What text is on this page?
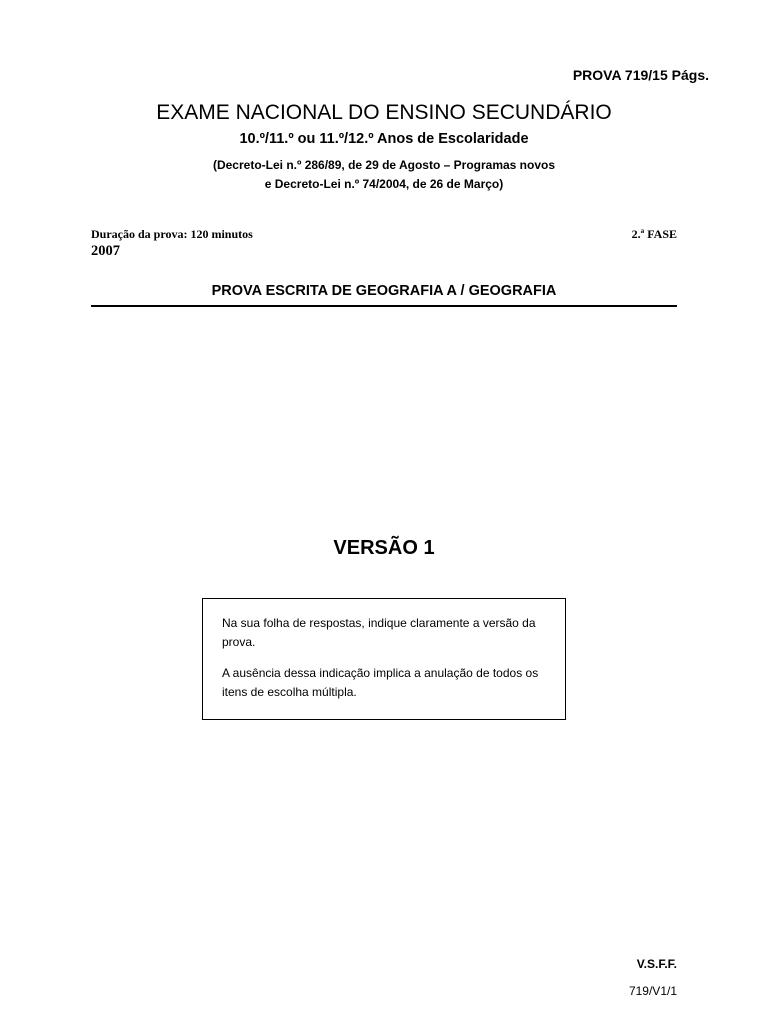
PROVA 719/15 Págs.
EXAME NACIONAL DO ENSINO SECUNDÁRIO
10.º/11.º ou 11.º/12.º Anos de Escolaridade
(Decreto-Lei n.º 286/89, de 29 de Agosto – Programas novos
e Decreto-Lei n.º 74/2004, de 26 de Março)
Duração da prova: 120 minutos
2007
2.ª FASE
PROVA ESCRITA DE GEOGRAFIA A / GEOGRAFIA
VERSÃO 1

Na sua folha de respostas, indique claramente a versão da prova.

A ausência dessa indicação implica a anulação de todos os itens de escolha múltipla.

V.S.F.F.
719/V1/1
